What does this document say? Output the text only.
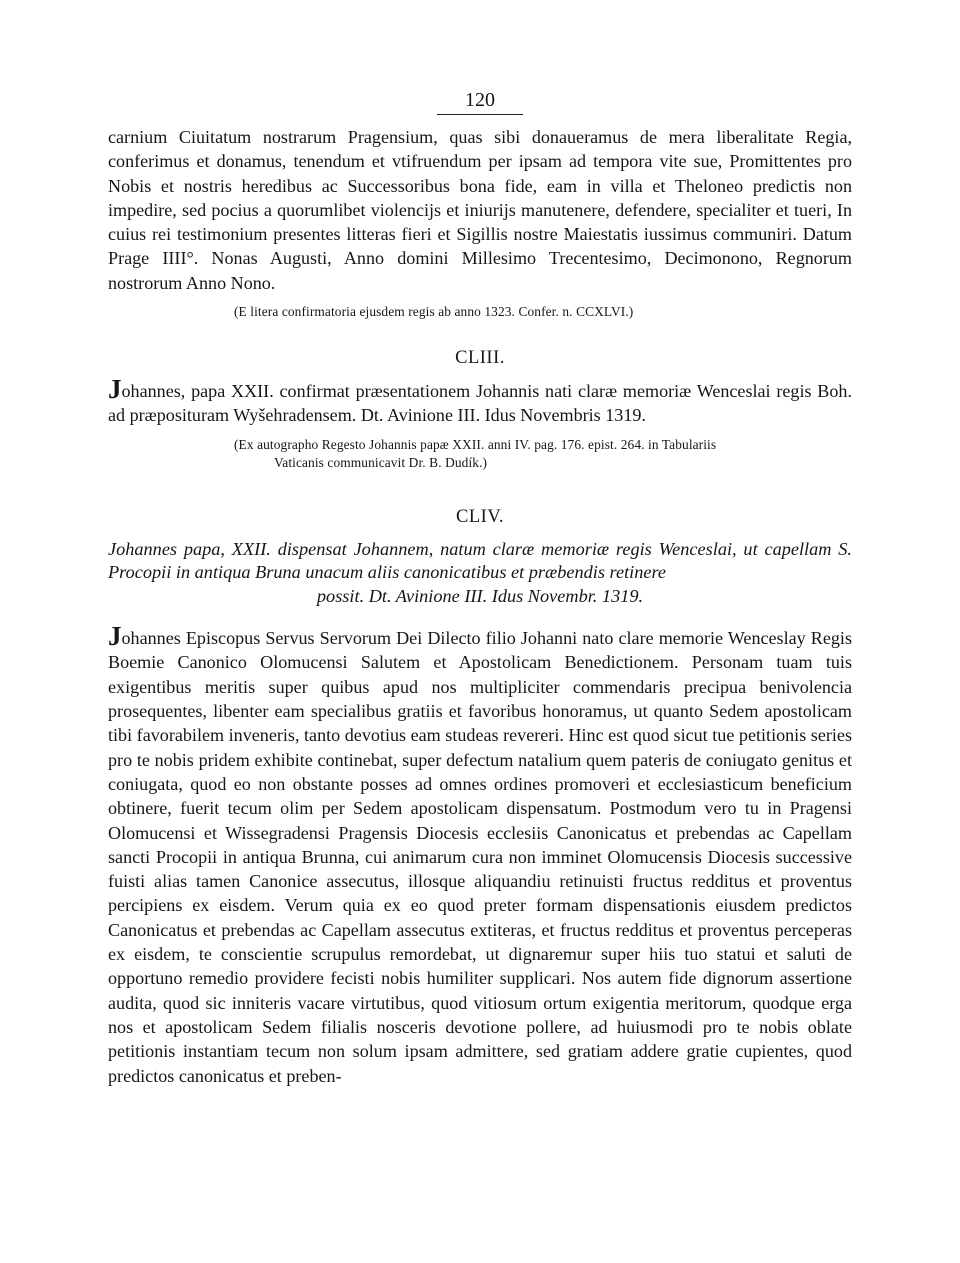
120

carnium Ciuitatum nostrarum Pragensium, quas sibi donaueramus de mera liberalitate Regia, conferimus et donamus, tenendum et vtifruendum per ipsam ad tempora vite sue, Promittentes pro Nobis et nostris heredibus ac Successoribus bona fide, eam in villa et Theloneo predictis non impedire, sed pocius a quorumlibet violencijs et iniurijs manutenere, defendere, specialiter et tueri, In cuius rei testimonium presentes litteras fieri et Sigillis nostre Maiestatis iussimus communiri. Datum Prage IIII°. Nonas Augusti, Anno domini Millesimo Trecentesimo, Decimonono, Regnorum nostrorum Anno Nono.

(E litera confirmatoria ejusdem regis ab anno 1323. Confer. n. CCXLVI.)
CLIII.

Johannes, papa XXII. confirmat præsentationem Johannis nati claræ memoriæ Wenceslai regis Boh. ad præposituram Wyšehradensem. Dt. Avinione III. Idus Novembris 1319.

(Ex autographo Regesto Johannis papæ XXII. anni IV. pag. 176. epist. 264. in Tabulariis
Vaticanis communicavit Dr. B. Dudík.)
CLIV.

Johannes papa, XXII. dispensat Johannem, natum claræ memoriæ regis Wenceslai, ut capellam S. Procopii in antiqua Bruna unacum aliis canonicatibus et præbendis retinere
possit. Dt. Avinione III. Idus Novembr. 1319.

Johannes Episcopus Servus Servorum Dei Dilecto filio Johanni nato clare memorie Wenceslay Regis Boemie Canonico Olomucensi Salutem et Apostolicam Benedictionem. Personam tuam tuis exigentibus meritis super quibus apud nos multipliciter commendaris precipua benivolencia prosequentes, libenter eam specialibus gratiis et favoribus honoramus, ut quanto Sedem apostolicam tibi favorabilem inveneris, tanto devotius eam studeas revereri. Hinc est quod sicut tue petitionis series pro te nobis pridem exhibite continebat, super defectum natalium quem pateris de coniugato genitus et coniugata, quod eo non obstante posses ad omnes ordines promoveri et ecclesiasticum beneficium obtinere, fuerit tecum olim per Sedem apostolicam dispensatum. Postmodum vero tu in Pragensi Olomucensi et Wissegradensi Pragensis Diocesis ecclesiis Canonicatus et prebendas ac Capellam sancti Procopii in antiqua Brunna, cui animarum cura non imminet Olomucensis Diocesis successive fuisti alias tamen Canonice assecutus, illosque aliquandiu retinuisti fructus redditus et proventus percipiens ex eisdem. Verum quia ex eo quod preter formam dispensationis eiusdem predictos Canonicatus et prebendas ac Capellam assecutus extiteras, et fructus redditus et proventus perceperas ex eisdem, te conscientie scrupulus remordebat, ut dignaremur super hiis tuo statui et saluti de opportuno remedio providere fecisti nobis humiliter supplicari. Nos autem fide dignorum assertione audita, quod sic inniteris vacare virtutibus, quod vitiosum ortum exigentia meritorum, quodque erga nos et apostolicam Sedem filialis nosceris devotione pollere, ad huiusmodi pro te nobis oblate petitionis instantiam tecum non solum ipsam admittere, sed gratiam addere gratie cupientes, quod predictos canonicatus et preben-
